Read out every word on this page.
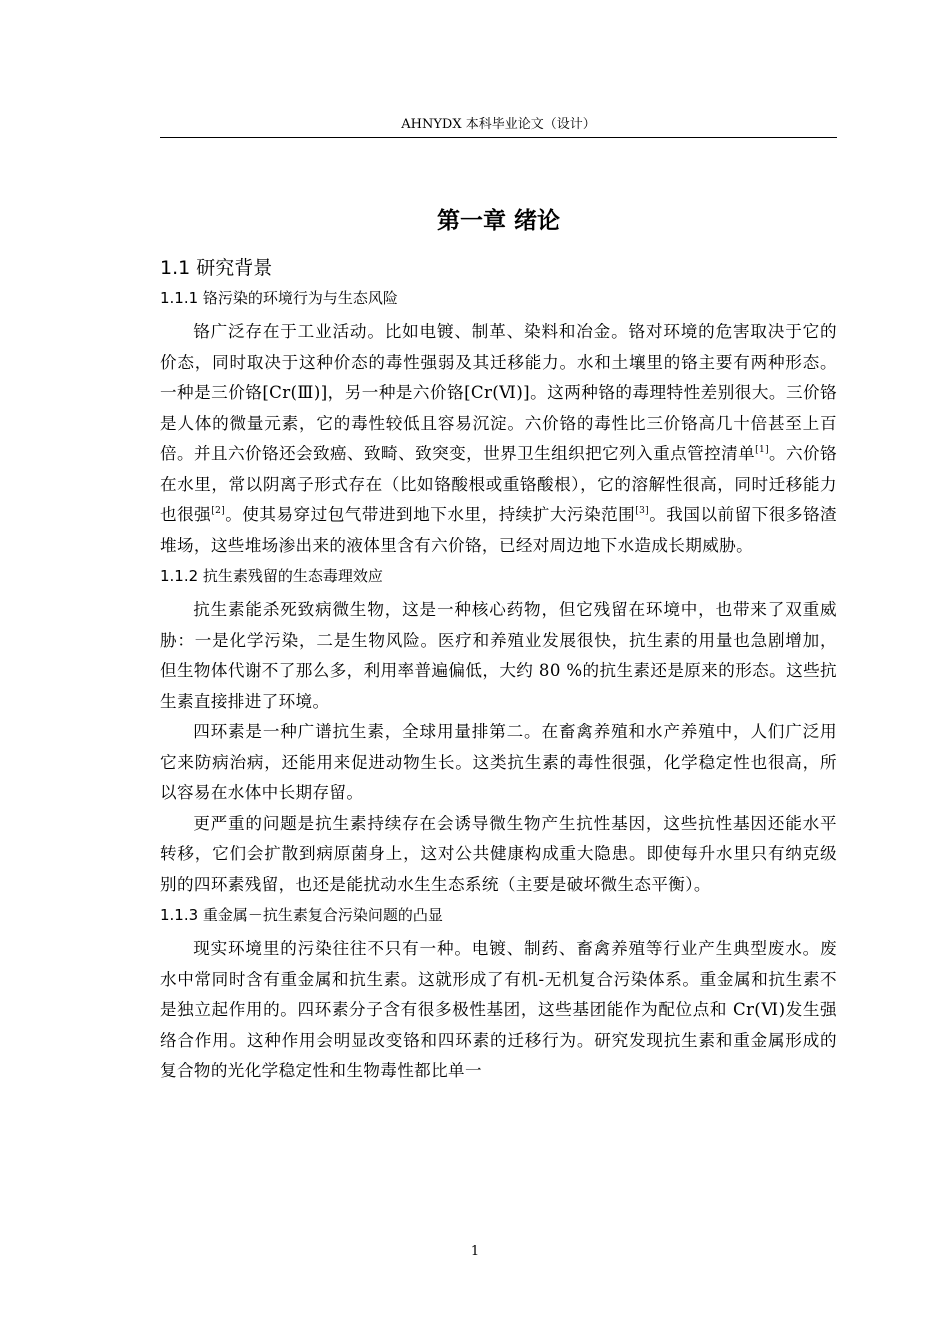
AHNYDX 本科毕业论文（设计）
第一章 绪论
1.1 研究背景
1.1.1 铬污染的环境行为与生态风险

铬广泛存在于工业活动。比如电镀、制革、染料和冶金。铬对环境的危害取决于它的价态，同时取决于这种价态的毒性强弱及其迁移能力。水和土壤里的铬主要有两种形态。一种是三价铬[Cr(Ⅲ)]，另一种是六价铬[Cr(Ⅵ)]。这两种铬的毒理特性差别很大。三价铬是人体的微量元素，它的毒性较低且容易沉淀。六价铬的毒性比三价铬高几十倍甚至上百倍。并且六价铬还会致癌、致畸、致突变，世界卫生组织把它列入重点管控清单[1]。六价铬在水里，常以阴离子形式存在（比如铬酸根或重铬酸根），它的溶解性很高，同时迁移能力也很强[2]。使其易穿过包气带进到地下水里，持续扩大污染范围[3]。我国以前留下很多铬渣堆场，这些堆场渗出来的液体里含有六价铬，已经对周边地下水造成长期威胁。

1.1.2 抗生素残留的生态毒理效应

抗生素能杀死致病微生物，这是一种核心药物，但它残留在环境中，也带来了双重威胁：一是化学污染，二是生物风险。医疗和养殖业发展很快，抗生素的用量也急剧增加，但生物体代谢不了那么多，利用率普遍偏低，大约 80 %的抗生素还是原来的形态。这些抗生素直接排进了环境。

四环素是一种广谱抗生素，全球用量排第二。在畜禽养殖和水产养殖中，人们广泛用它来防病治病，还能用来促进动物生长。这类抗生素的毒性很强，化学稳定性也很高，所以容易在水体中长期存留。

更严重的问题是抗生素持续存在会诱导微生物产生抗性基因，这些抗性基因还能水平转移，它们会扩散到病原菌身上，这对公共健康构成重大隐患。即使每升水里只有纳克级别的四环素残留，也还是能扰动水生生态系统（主要是破坏微生态平衡）。

1.1.3 重金属－抗生素复合污染问题的凸显

现实环境里的污染往往不只有一种。电镀、制药、畜禽养殖等行业产生典型废水。废水中常同时含有重金属和抗生素。这就形成了有机-无机复合污染体系。重金属和抗生素不是独立起作用的。四环素分子含有很多极性基团，这些基团能作为配位点和 Cr(Ⅵ)发生强络合作用。这种作用会明显改变铬和四环素的迁移行为。研究发现抗生素和重金属形成的复合物的光化学稳定性和生物毒性都比单一

1
